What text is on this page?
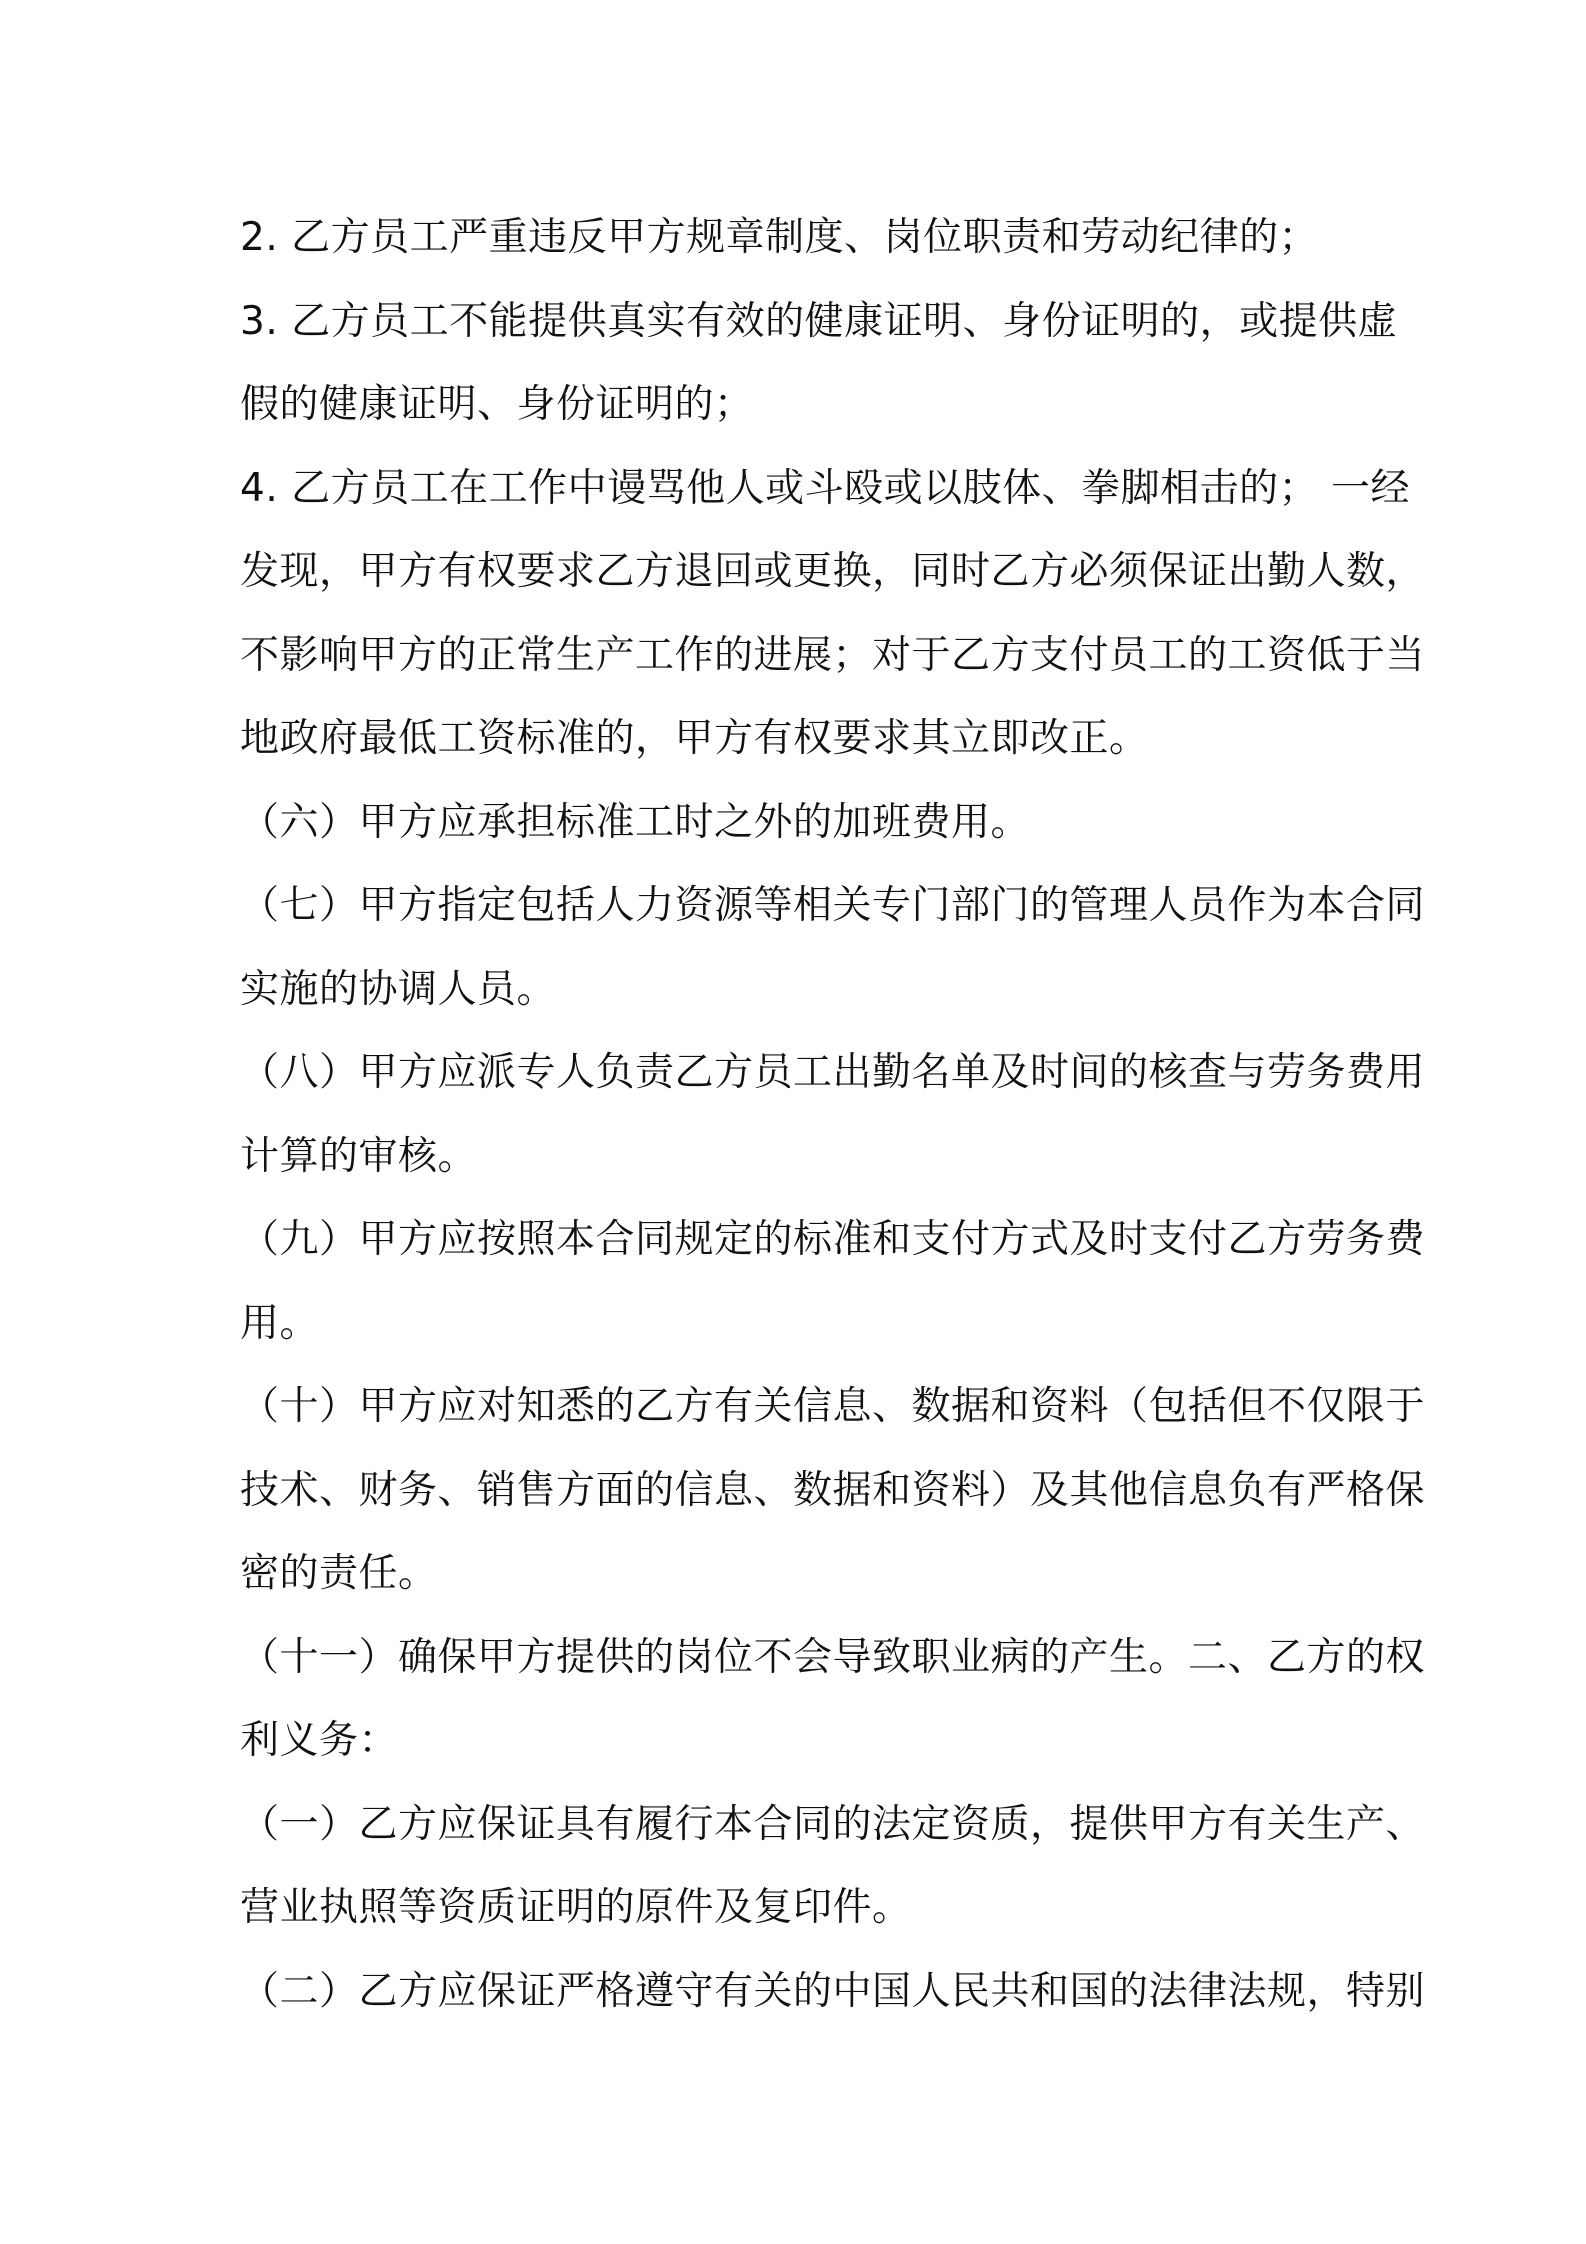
2. 乙方员工严重违反甲方规章制度、岗位职责和劳动纪律的；
3. 乙方员工不能提供真实有效的健康证明、身份证明的，或提供虚
假的健康证明、身份证明的；
4. 乙方员工在工作中谩骂他人或斗殴或以肢体、拳脚相击的； 一经
发现，甲方有权要求乙方退回或更换，同时乙方必须保证出勤人数，
不影响甲方的正常生产工作的进展；对于乙方支付员工的工资低于当
地政府最低工资标准的，甲方有权要求其立即改正。
（六）甲方应承担标准工时之外的加班费用。
（七）甲方指定包括人力资源等相关专门部门的管理人员作为本合同
实施的协调人员。
（八）甲方应派专人负责乙方员工出勤名单及时间的核查与劳务费用
计算的审核。
（九）甲方应按照本合同规定的标准和支付方式及时支付乙方劳务费
用。
（十）甲方应对知悉的乙方有关信息、数据和资料（包括但不仅限于
技术、财务、销售方面的信息、数据和资料）及其他信息负有严格保
密的责任。
（十一）确保甲方提供的岗位不会导致职业病的产生。二、乙方的权
利义务：
（一）乙方应保证具有履行本合同的法定资质，提供甲方有关生产、
营业执照等资质证明的原件及复印件。
（二）乙方应保证严格遵守有关的中国人民共和国的法律法规，特别
